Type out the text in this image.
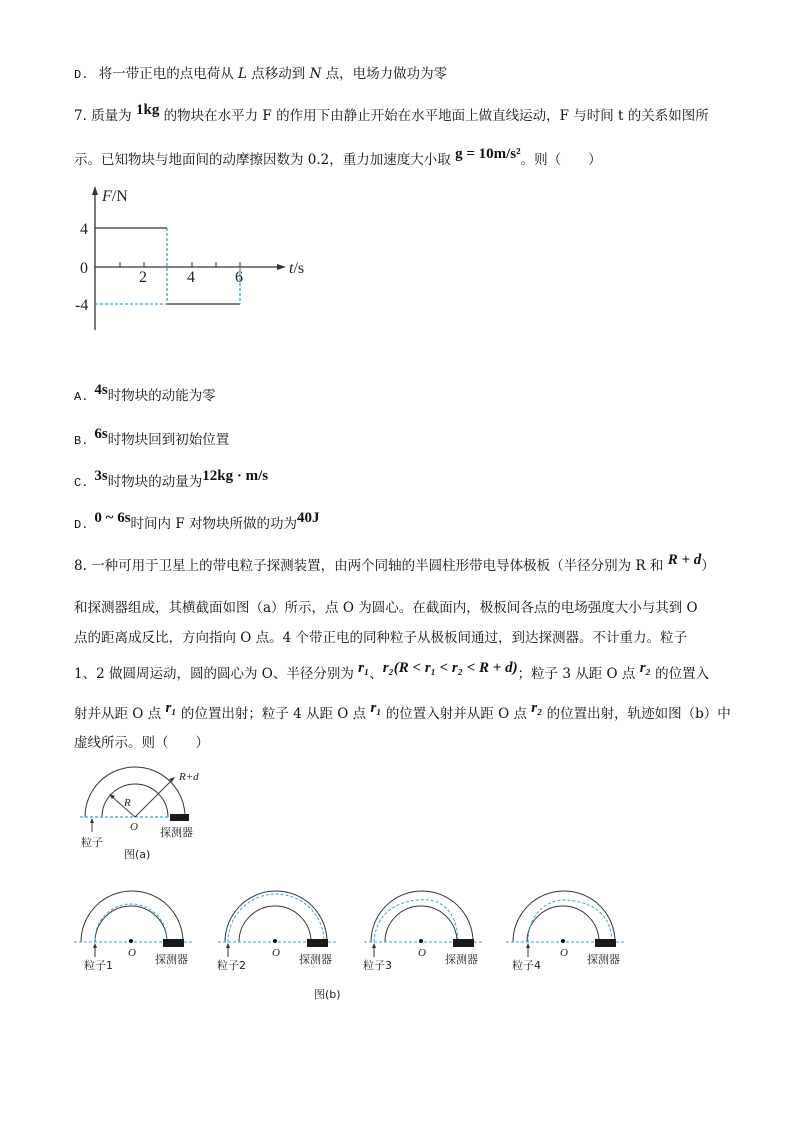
D. 将一带正电的点电荷从 L 点移动到 N 点，电场力做功为零
7. 质量为 1kg 的物块在水平力 F 的作用下由静止开始在水平地面上做直线运动，F 与时间 t 的关系如图所
示。已知物块与地面间的动摩擦因数为 0.2，重力加速度大小取 g = 10m/s²。则（　　）
F/N
4
0
-4
2	4	6
t/s
A. 4s时物块的动能为零
B. 6s时物块回到初始位置
C. 3s时物块的动量为12kg · m/s
D. 0 ~ 6s时间内 F 对物块所做的功为40J
8. 一种可用于卫星上的带电粒子探测装置，由两个同轴的半圆柱形带电导体极板（半径分别为 R 和 R + d）
和探测器组成，其横截面如图（a）所示，点 O 为圆心。在截面内，极板间各点的电场强度大小与其到 O
点的距离成反比，方向指向 O 点。4 个带正电的同种粒子从极板间通过，到达探测器。不计重力。粒子
1、2 做圆周运动，圆的圆心为 O、半径分别为 r₁、r₂(R < r₁ < r₂ < R + d)；粒子 3 从距 O 点 r₂ 的位置入
射并从距 O 点 r₁ 的位置出射；粒子 4 从距 O 点 r₁ 的位置入射并从距 O 点 r₂ 的位置出射，轨迹如图（b）中
虚线所示。则（　　）
R
R+d
O
粒子
探测器
图(a)
O
粒子1	探测器	O
粒子2	探测器	O
粒子3	探测器	O
粒子4	探测器
图(b)
